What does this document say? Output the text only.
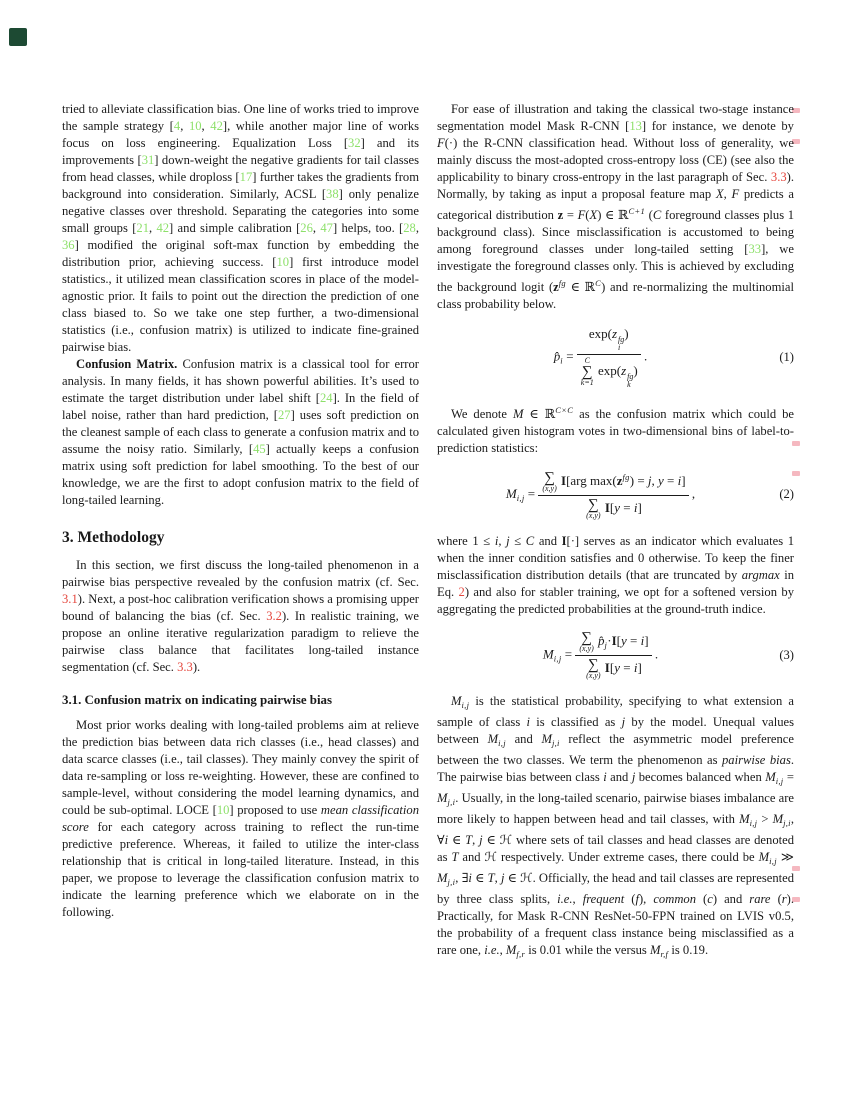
tried to alleviate classification bias. One line of works tried to improve the sample strategy [4, 10, 42], while another major line of works focus on loss engineering. Equalization Loss [32] and its improvements [31] down-weight the negative gradients for tail classes from head classes, while droploss [17] further takes the gradients from background into consideration. Similarly, ACSL [38] only penalize negative classes over threshold. Separating the categories into some small groups [21, 42] and simple calibration [26, 47] helps, too. [28, 36] modified the original soft-max function by embedding the distribution prior, achieving success. [10] first introduce model statistics., it utilized mean classification scores in place of the model-agnostic prior. It fails to point out the direction the prediction of one class biased to. So we take one step further, a two-dimensional statistics (i.e., confusion matrix) is utilized to indicate fine-grained pairwise bias.

Confusion Matrix. Confusion matrix is a classical tool for error analysis. In many fields, it has shown powerful abilities. It’s used to estimate the target distribution under label shift [24]. In the field of label noise, rather than hard prediction, [27] uses soft prediction on the cleanest sample of each class to generate a confusion matrix and to assume the noisy ratio. Similarly, [45] actually keeps a confusion matrix using soft prediction for label smoothing. To the best of our knowledge, we are the first to adopt confusion matrix to the field of long-tailed learning.

3. Methodology

In this section, we first discuss the long-tailed phenomenon in a pairwise bias perspective revealed by the confusion matrix (cf. Sec. 3.1). Next, a post-hoc calibration verification shows a promising upper bound of balancing the bias (cf. Sec. 3.2). In realistic training, we propose an online iterative regularization paradigm to relieve the pairwise class balance that facilitates long-tailed instance segmentation (cf. Sec. 3.3).

3.1. Confusion matrix on indicating pairwise bias

Most prior works dealing with long-tailed problems aim at relieve the prediction bias between data rich classes (i.e., head classes) and data scarce classes (i.e., tail classes). They mainly convey the spirit of data re-sampling or loss re-weighting. However, these are confined to sample-level, without considering the model learning dynamics, and could be sub-optimal. LOCE [10] proposed to use mean classification score for each category across training to reflect the run-time predictive preference. Whereas, it failed to utilize the inter-class relationship that is critical in long-tailed literature. Instead, in this paper, we propose to leverage the classification confusion matrix to indicate the learning preference which we elaborate on in the following.

For ease of illustration and taking the classical two-stage instance segmentation model Mask R-CNN [13] for instance, we denote by F(·) the R-CNN classification head. Without loss of generality, we mainly discuss the most-adopted cross-entropy loss (CE) (see also the applicability to binary cross-entropy in the last paragraph of Sec. 3.3). Normally, by taking as input a proposal feature map X, F predicts a categorical distribution z = F(X) ∈ ℝ$^{C+1}$ (C foreground classes plus 1 background class). Since misclassification is accustomed to being among foreground classes under long-tailed setting [33], we investigate the foreground classes only. This is achieved by excluding the background logit ($z^{fg}$ ∈ ℝ$^C$) and re-normalizing the multinomial class probability below.

$p̂_i = \exp(z$ fg
i
)
C
∑
k=1
exp(z fg
k
) .	(1)

We denote M ∈ ℝ$^{C\times C}$ as the confusion matrix which could be calculated given histogram votes in two-dimensional bins of label-to-prediction statistics:

$M_{i,j}$ = ∑
(x,y)
I[arg $\max(z^{fg}) = j$, y = i]
∑
(x,y)
I[y = i] ,	(2)

where 1 ≤ i, j ≤ C and I[·] serves as an indicator which evaluates 1 when the inner condition satisfies and 0 otherwise. To keep the finer misclassification distribution details (that are truncated by argmax in Eq. 2) and also for stabler training, we opt for a softened version by aggregating the predicted probabilities at the ground-truth indice.

$M_{i,j}$ = ∑
(x,y)
$p̂_j\cdot I[y = i]$
∑
(x,y)
I[y = i] .	(3)

$M_{i,j}$ is the statistical probability, specifying to what extension a sample of class i is classified as j by the model. Unequal values between $M_{i,j}$ and $M_{j,i}$ reflect the asymmetric model preference between the two classes. We term the phenomenon as pairwise bias. The pairwise bias between class i and j becomes balanced when $M_{i,j} = M_{j,i}$. Usually, in the long-tailed scenario, pairwise biases imbalance are more likely to happen between head and tail classes, with $M_{i,j} > M_{j,i}$, ∀i ∈ T, j ∈ ℋ where sets of tail classes and head classes are denoted as T and ℋ respectively. Under extreme cases, there could be $M_{i,j}$ ≫ $M_{j,i}$, ∃i ∈ T, j ∈ ℋ. Officially, the head and tail classes are represented by three class splits, i.e., frequent (f), common (c) and rare (r). Practically, for Mask R-CNN ResNet-50-FPN trained on LVIS v0.5, the probability of a frequent class instance being misclassified as a rare one, i.e., $M_{f,r}$ is 0.01 while the versus $M_{r,f}$ is 0.19.
